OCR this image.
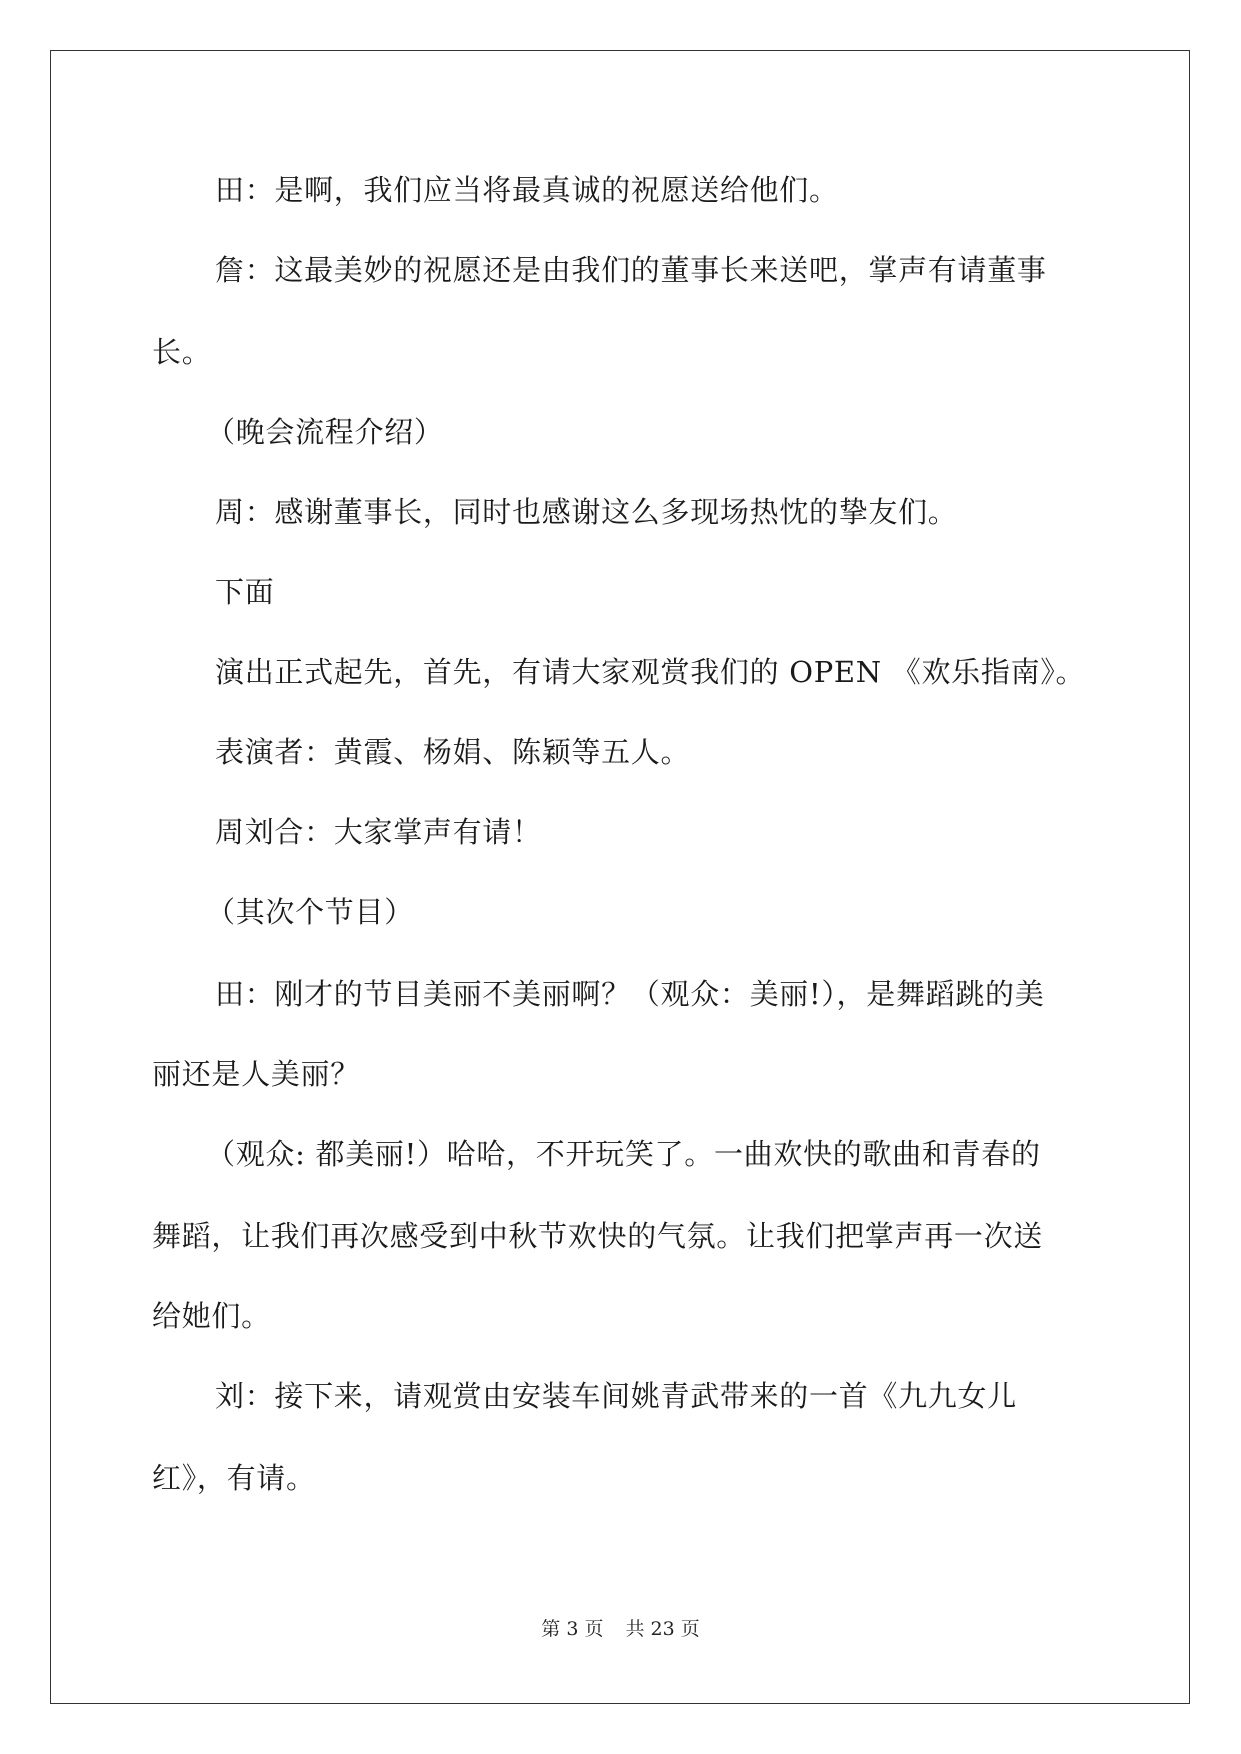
田：是啊，我们应当将最真诚的祝愿送给他们。
詹：这最美妙的祝愿还是由我们的董事长来送吧，掌声有请董事
长。
（晚会流程介绍）
周：感谢董事长，同时也感谢这么多现场热忱的挚友们。
下面
演出正式起先，首先，有请大家观赏我们的 OPEN 《欢乐指南》。
表演者：黄霞、杨娟、陈颖等五人。
周刘合：大家掌声有请！
（其次个节目）
田：刚才的节目美丽不美丽啊？（观众：美丽!），是舞蹈跳的美
丽还是人美丽？
（观众: 都美丽!）哈哈，不开玩笑了。一曲欢快的歌曲和青春的
舞蹈，让我们再次感受到中秋节欢快的气氛。让我们把掌声再一次送
给她们。
刘：接下来，请观赏由安装车间姚青武带来的一首《九九女儿
红》，有请。
第 3 页 共 23 页
